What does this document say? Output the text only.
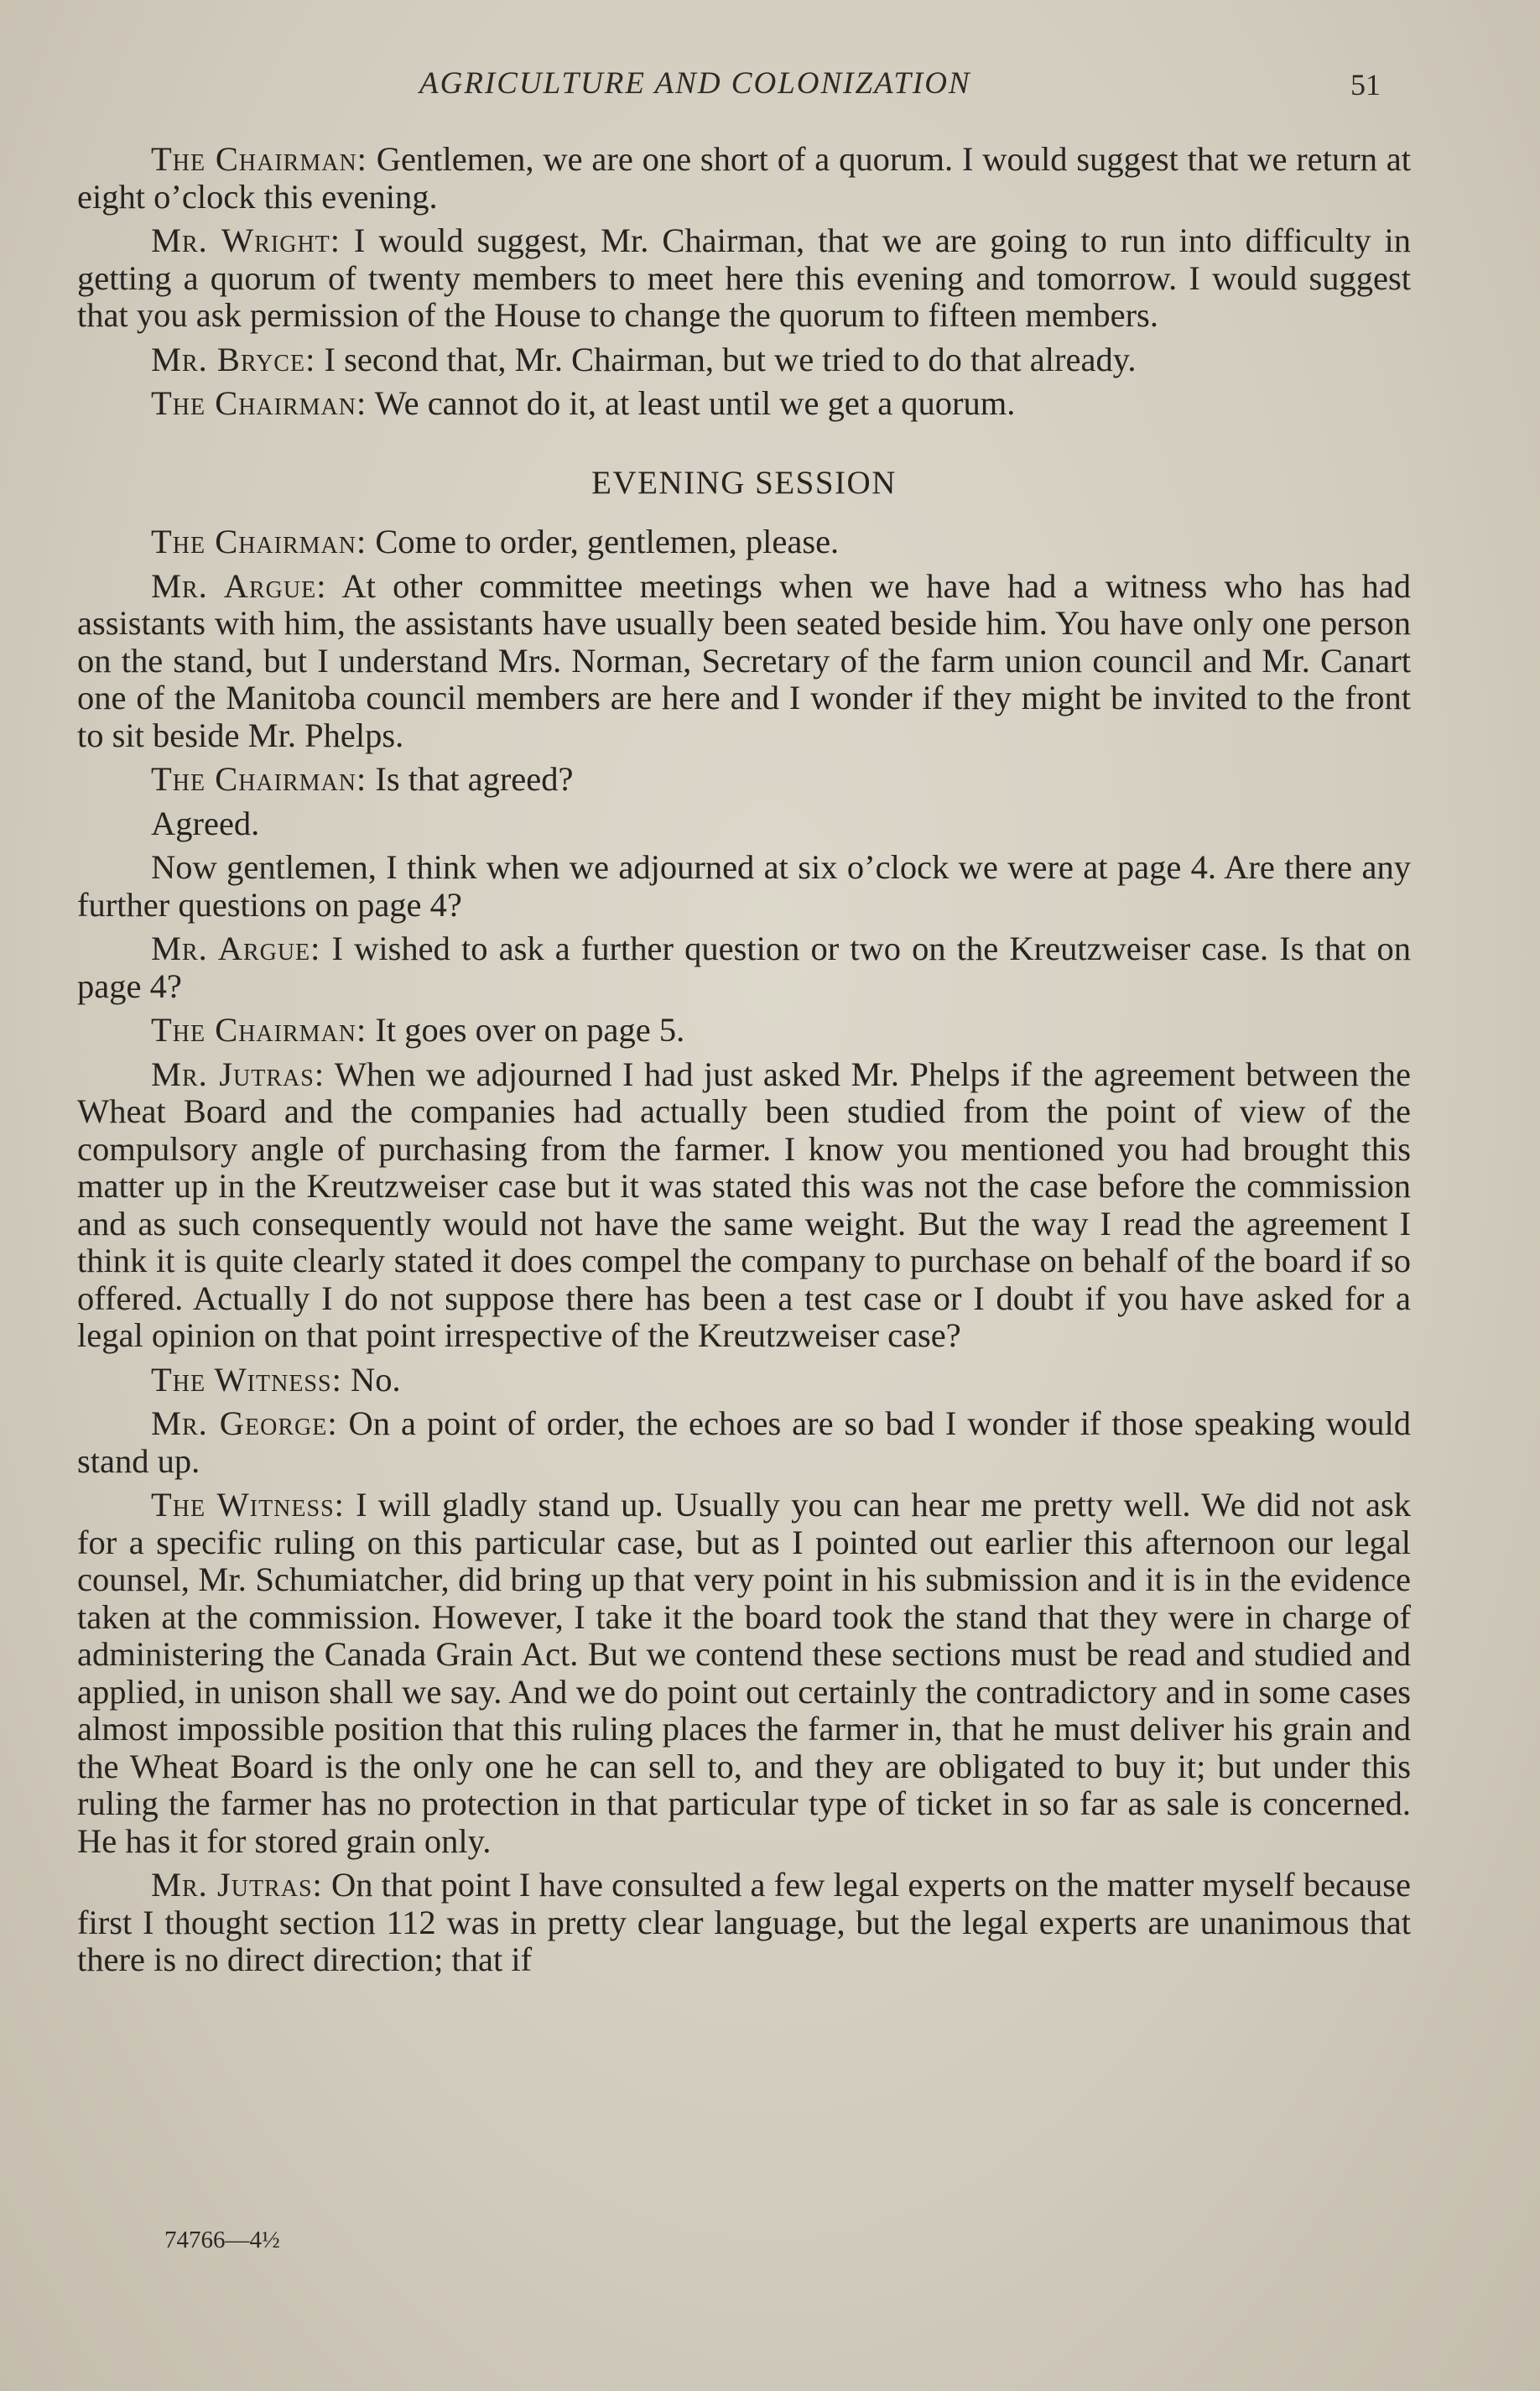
AGRICULTURE AND COLONIZATION	51

The Chairman: Gentlemen, we are one short of a quorum. I would suggest that we return at eight o’clock this evening.

Mr. Wright: I would suggest, Mr. Chairman, that we are going to run into difficulty in getting a quorum of twenty members to meet here this evening and tomorrow. I would suggest that you ask permission of the House to change the quorum to fifteen members.

Mr. Bryce: I second that, Mr. Chairman, but we tried to do that already.

The Chairman: We cannot do it, at least until we get a quorum.

EVENING SESSION

The Chairman: Come to order, gentlemen, please.

Mr. Argue: At other committee meetings when we have had a witness who has had assistants with him, the assistants have usually been seated beside him. You have only one person on the stand, but I understand Mrs. Norman, Secretary of the farm union council and Mr. Canart one of the Manitoba council members are here and I wonder if they might be invited to the front to sit beside Mr. Phelps.

The Chairman: Is that agreed?

Agreed.

Now gentlemen, I think when we adjourned at six o’clock we were at page 4. Are there any further questions on page 4?

Mr. Argue: I wished to ask a further question or two on the Kreutzweiser case. Is that on page 4?

The Chairman: It goes over on page 5.

Mr. Jutras: When we adjourned I had just asked Mr. Phelps if the agreement between the Wheat Board and the companies had actually been studied from the point of view of the compulsory angle of purchasing from the farmer. I know you mentioned you had brought this matter up in the Kreutzweiser case but it was stated this was not the case before the commission and as such consequently would not have the same weight. But the way I read the agreement I think it is quite clearly stated it does compel the company to purchase on behalf of the board if so offered. Actually I do not suppose there has been a test case or I doubt if you have asked for a legal opinion on that point irrespective of the Kreutzweiser case?

The Witness: No.

Mr. George: On a point of order, the echoes are so bad I wonder if those speaking would stand up.

The Witness: I will gladly stand up. Usually you can hear me pretty well. We did not ask for a specific ruling on this particular case, but as I pointed out earlier this afternoon our legal counsel, Mr. Schumiatcher, did bring up that very point in his submission and it is in the evidence taken at the commission. However, I take it the board took the stand that they were in charge of administering the Canada Grain Act. But we contend these sections must be read and studied and applied, in unison shall we say. And we do point out certainly the contradictory and in some cases almost impossible position that this ruling places the farmer in, that he must deliver his grain and the Wheat Board is the only one he can sell to, and they are obligated to buy it; but under this ruling the farmer has no protection in that particular type of ticket in so far as sale is concerned. He has it for stored grain only.

Mr. Jutras: On that point I have consulted a few legal experts on the matter myself because first I thought section 112 was in pretty clear language, but the legal experts are unanimous that there is no direct direction; that if

74766—4½
